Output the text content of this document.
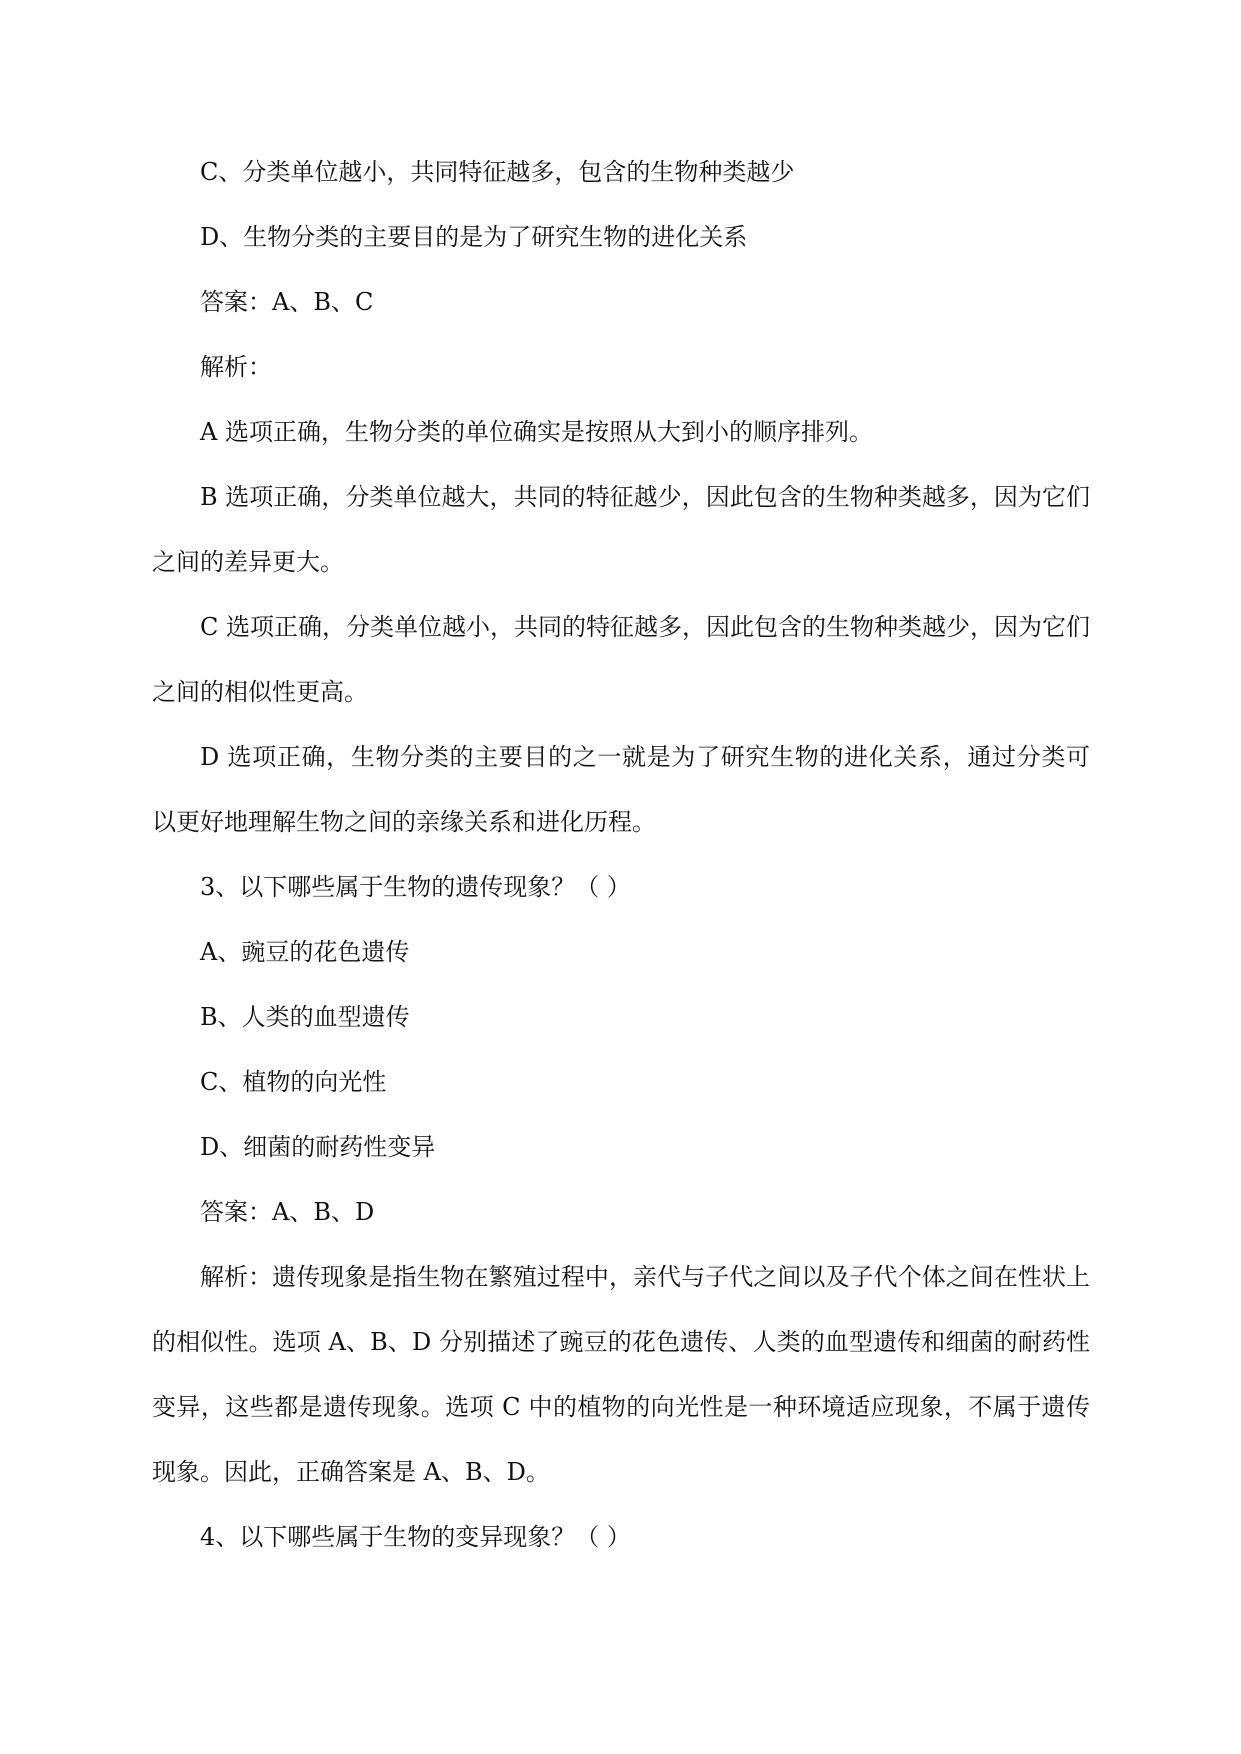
C、分类单位越小，共同特征越多，包含的生物种类越少

D、生物分类的主要目的是为了研究生物的进化关系

答案：A、B、C

解析：

A 选项正确，生物分类的单位确实是按照从大到小的顺序排列。

B 选项正确，分类单位越大，共同的特征越少，因此包含的生物种类越多，因为它们之间的差异更大。

C 选项正确，分类单位越小，共同的特征越多，因此包含的生物种类越少，因为它们之间的相似性更高。

D 选项正确，生物分类的主要目的之一就是为了研究生物的进化关系，通过分类可以更好地理解生物之间的亲缘关系和进化历程。

3、以下哪些属于生物的遗传现象？（ ）

A、豌豆的花色遗传

B、人类的血型遗传

C、植物的向光性

D、细菌的耐药性变异

答案：A、B、D

解析：遗传现象是指生物在繁殖过程中，亲代与子代之间以及子代个体之间在性状上的相似性。选项 A、B、D 分别描述了豌豆的花色遗传、人类的血型遗传和细菌的耐药性变异，这些都是遗传现象。选项 C 中的植物的向光性是一种环境适应现象，不属于遗传现象。因此，正确答案是 A、B、D。

4、以下哪些属于生物的变异现象？（ ）
